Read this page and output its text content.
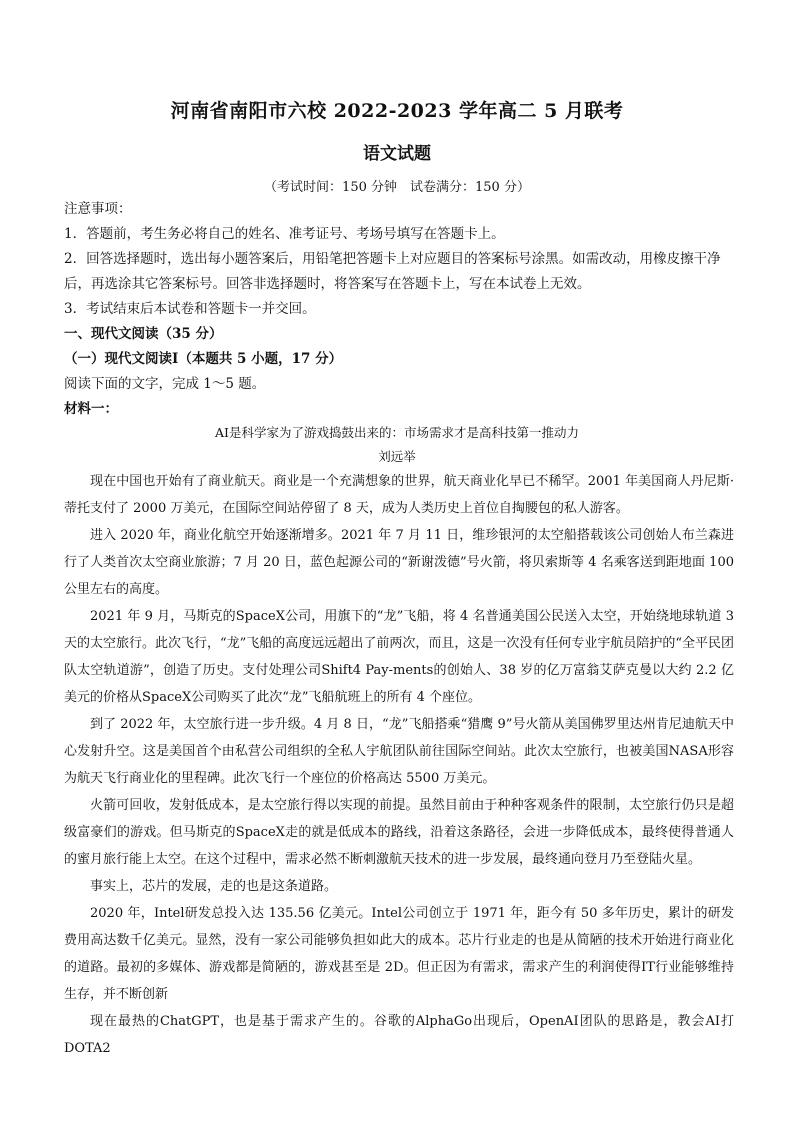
河南省南阳市六校 2022-2023 学年高二 5 月联考
语文试题
（考试时间：150 分钟　试卷满分：150 分）

注意事项：

1．答题前，考生务必将自己的姓名、准考证号、考场号填写在答题卡上。

2．回答选择题时，选出每小题答案后，用铅笔把答题卡上对应题目的答案标号涂黑。如需改动，用橡皮擦干净后，再选涂其它答案标号。回答非选择题时，将答案写在答题卡上，写在本试卷上无效。

3．考试结束后本试卷和答题卡一并交回。

一、现代文阅读（35 分）

（一）现代文阅读I（本题共 5 小题，17 分）

阅读下面的文字，完成 1～5 题。

材料一：

AI是科学家为了游戏捣鼓出来的：市场需求才是高科技第一推动力
刘远举

现在中国也开始有了商业航天。商业是一个充满想象的世界，航天商业化早已不稀罕。2001 年美国商人丹尼斯·蒂托支付了 2000 万美元，在国际空间站停留了 8 天，成为人类历史上首位自掏腰包的私人游客。

进入 2020 年，商业化航空开始逐渐增多。2021 年 7 月 11 日，维珍银河的太空船搭载该公司创始人布兰森进行了人类首次太空商业旅游；7 月 20 日，蓝色起源公司的“新谢泼德”号火箭，将贝索斯等 4 名乘客送到距地面 100 公里左右的高度。

2021 年 9 月，马斯克的SpaceX公司，用旗下的“龙”飞船，将 4 名普通美国公民送入太空，开始绕地球轨道 3 天的太空旅行。此次飞行，“龙”飞船的高度远远超出了前两次，而且，这是一次没有任何专业宇航员陪护的“全平民团队太空轨道游”，创造了历史。支付处理公司Shift4 Pay-ments的创始人、38 岁的亿万富翁艾萨克曼以大约 2.2 亿美元的价格从SpaceX公司购买了此次“龙”飞船航班上的所有 4 个座位。

到了 2022 年，太空旅行进一步升级。4 月 8 日，“龙”飞船搭乘“猎鹰 9”号火箭从美国佛罗里达州肯尼迪航天中心发射升空。这是美国首个由私营公司组织的全私人宇航团队前往国际空间站。此次太空旅行，也被美国NASA形容为航天飞行商业化的里程碑。此次飞行一个座位的价格高达 5500 万美元。

火箭可回收，发射低成本，是太空旅行得以实现的前提。虽然目前由于种种客观条件的限制，太空旅行仍只是超级富豪们的游戏。但马斯克的SpaceX走的就是低成本的路线，沿着这条路径，会进一步降低成本，最终使得普通人的蜜月旅行能上太空。在这个过程中，需求必然不断刺激航天技术的进一步发展，最终通向登月乃至登陆火星。

事实上，芯片的发展，走的也是这条道路。

2020 年，Intel研发总投入达 135.56 亿美元。Intel公司创立于 1971 年，距今有 50 多年历史，累计的研发费用高达数千亿美元。显然，没有一家公司能够负担如此大的成本。芯片行业走的也是从简陋的技术开始进行商业化的道路。最初的多媒体、游戏都是简陋的，游戏甚至是 2D。但正因为有需求，需求产生的利润使得IT行业能够维持生存，并不断创新

现在最热的ChatGPT，也是基于需求产生的。谷歌的AlphaGo出现后，OpenAI团队的思路是，教会AI打DOTA2
